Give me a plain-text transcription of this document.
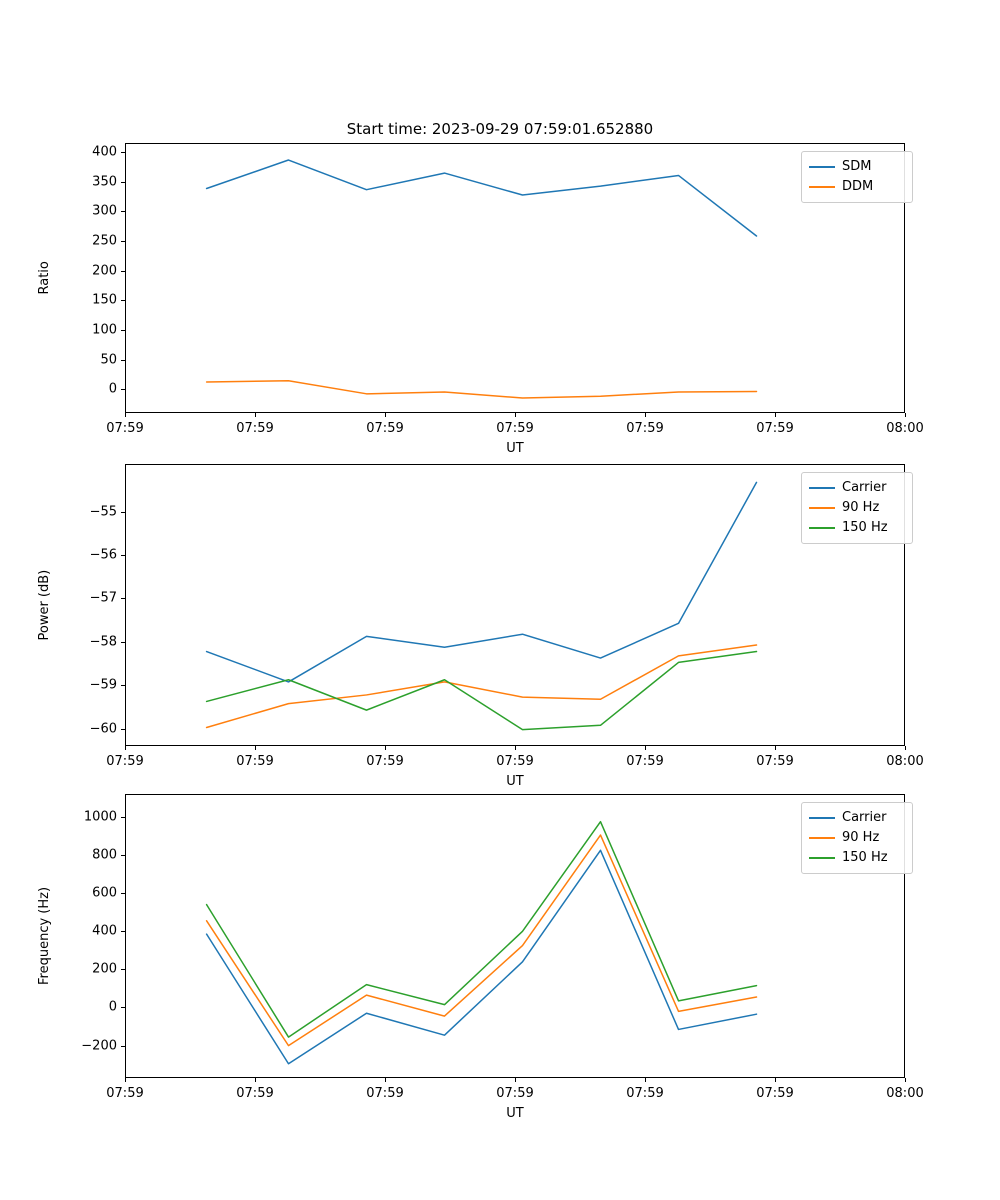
Start time: 2023-09-29 07:59:01.652880
0
50
100
150
200
250
300
350
400
07:59	07:59	07:59	07:59	07:59	07:59	08:00
UT
Ratio
SDM
DDM
−60
−59
−58
−57
−56
−55
07:59	07:59	07:59	07:59	07:59	07:59	08:00
UT
Power (dB)
Carrier
90 Hz
150 Hz
−200
0
200
400
600
800
1000
07:59	07:59	07:59	07:59	07:59	07:59	08:00
UT
Frequency (Hz)
Carrier
90 Hz
150 Hz
